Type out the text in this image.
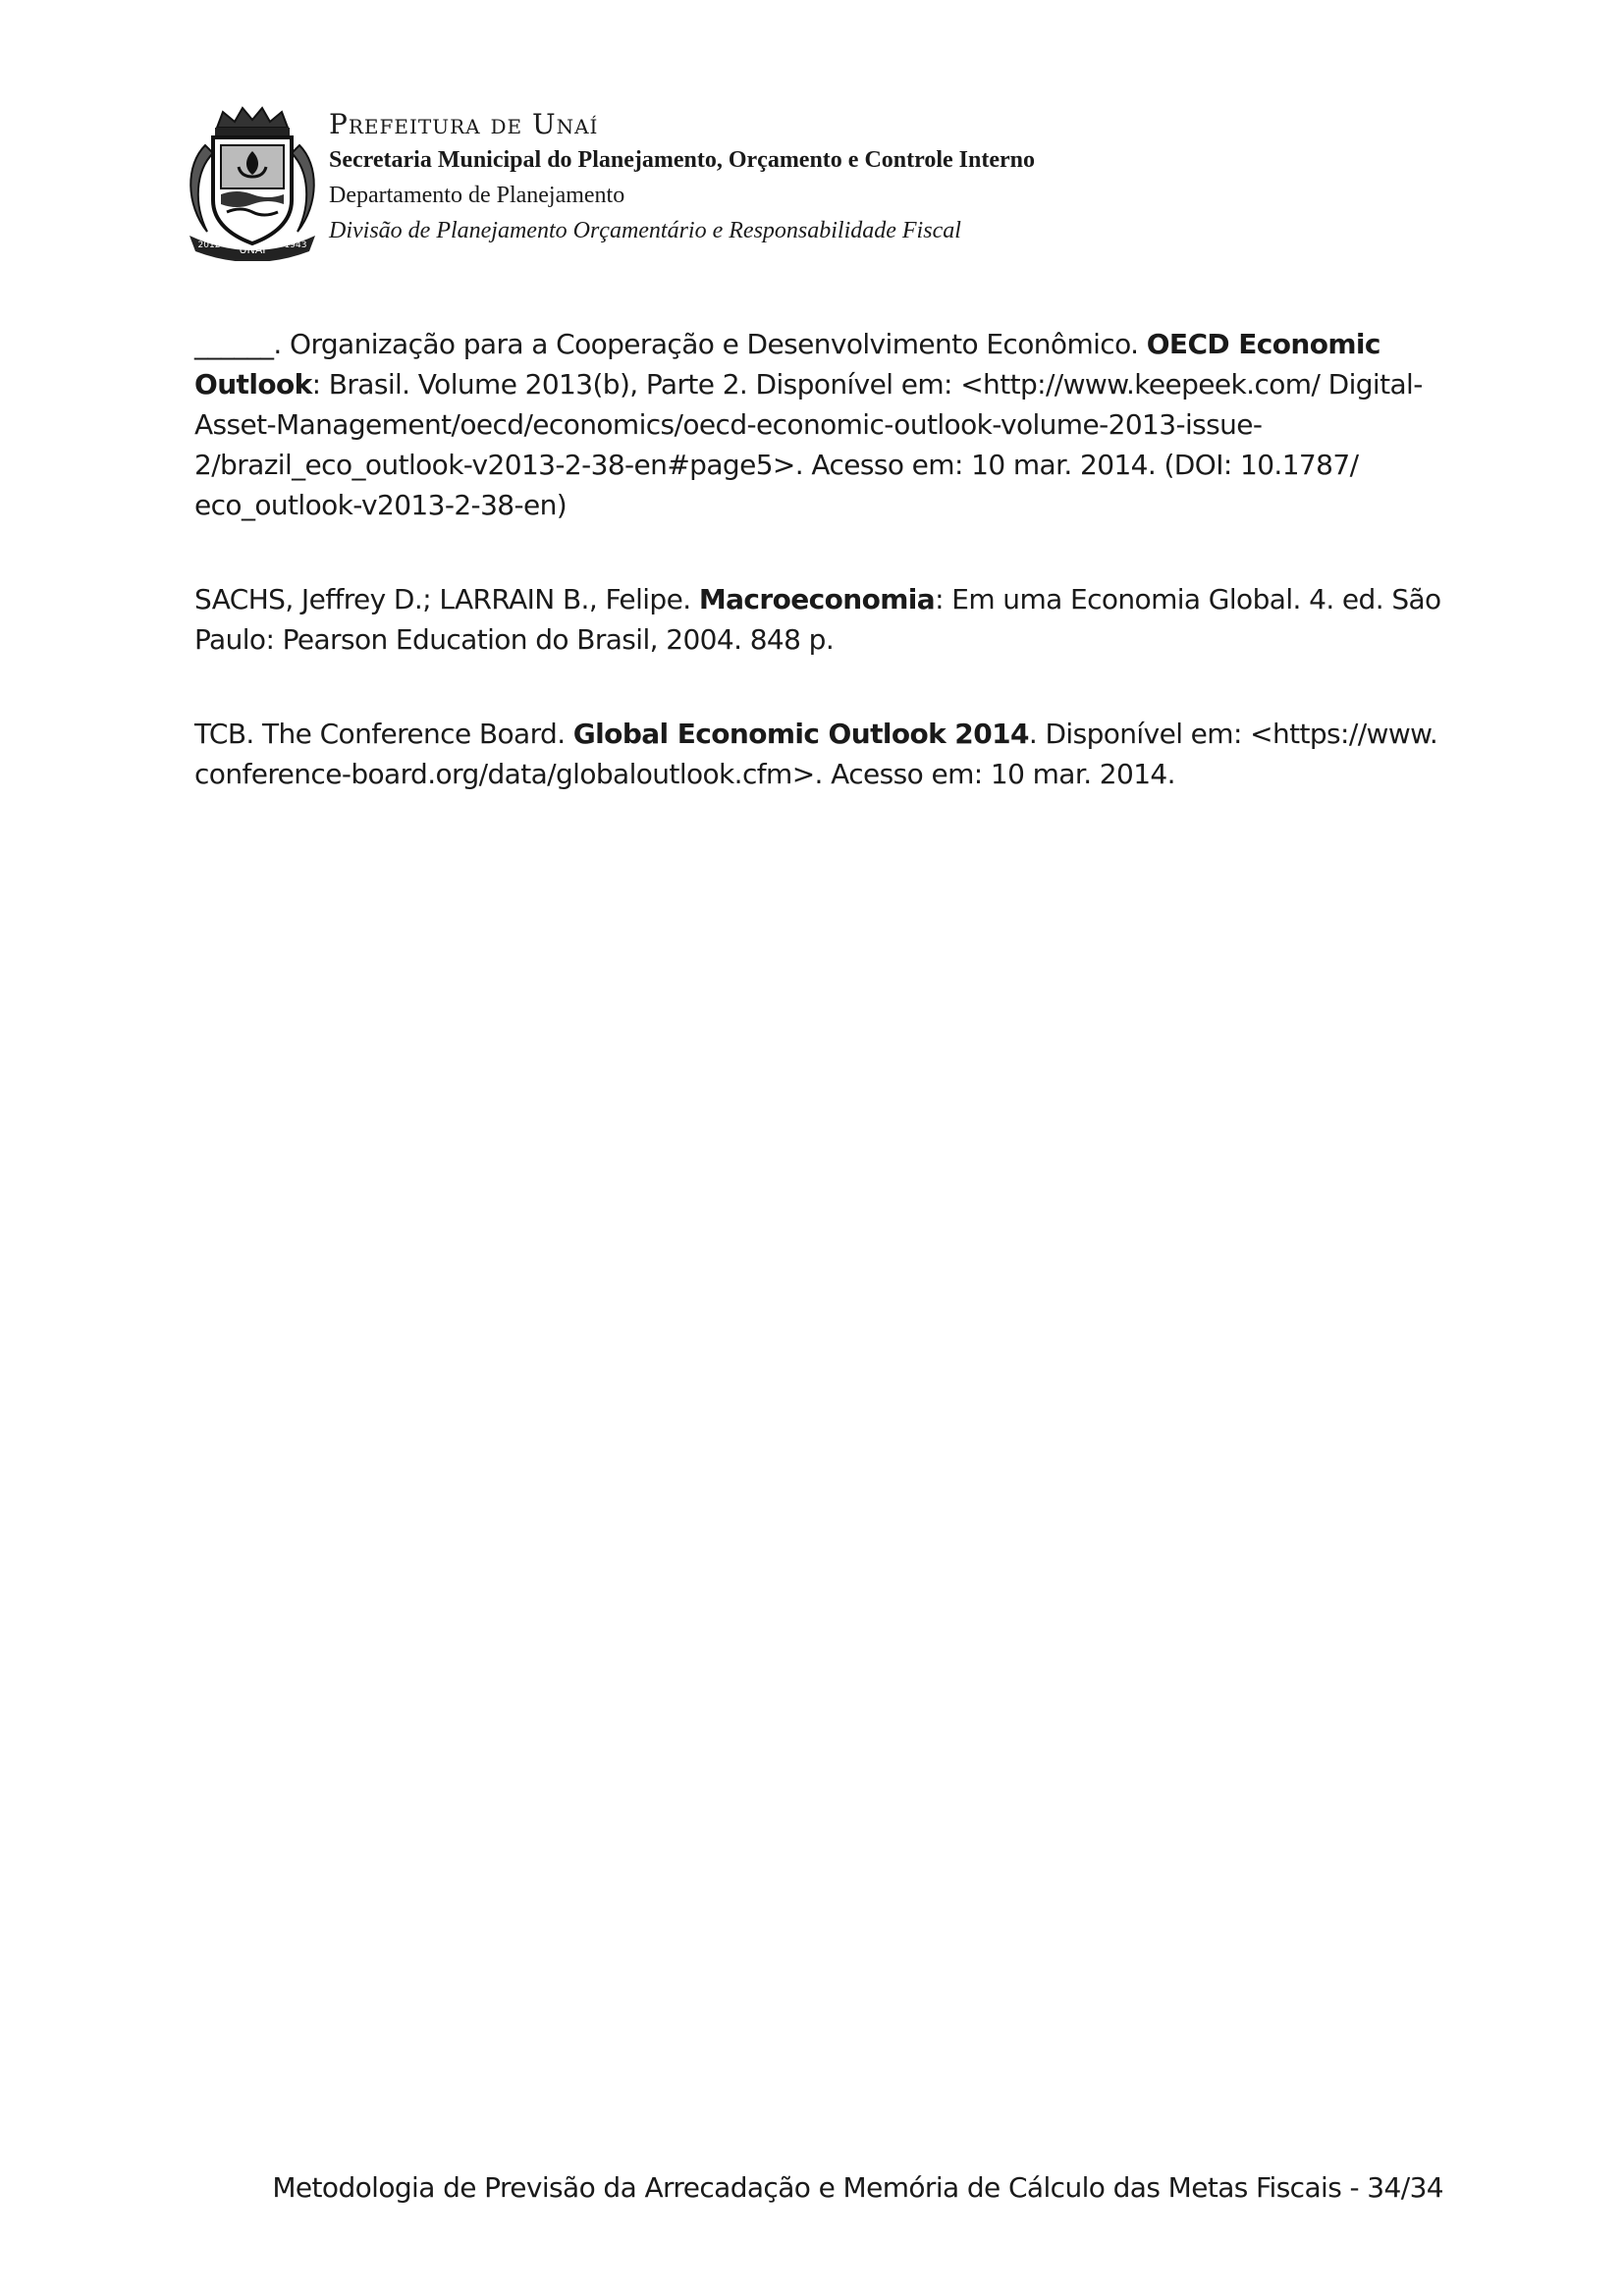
UNAÍ
2012	1943
Prefeitura de Unaí
Secretaria Municipal do Planejamento, Orçamento e Controle Interno
Departamento de Planejamento
Divisão de Planejamento Orçamentário e Responsabilidade Fiscal

______. Organização para a Cooperação e Desenvolvimento Econômico. OECD Economic Outlook: Brasil. Volume 2013(b), Parte 2. Disponível em: <http://www.keepeek.com/ Digital-Asset-Management/oecd/economics/oecd-economic-outlook-volume-2013-issue-2/brazil_eco_outlook-v2013-2-38-en#page5>. Acesso em: 10 mar. 2014. (DOI: 10.1787/ eco_outlook-v2013-2-38-en)

SACHS, Jeffrey D.; LARRAIN B., Felipe. Macroeconomia: Em uma Economia Global. 4. ed. São Paulo: Pearson Education do Brasil, 2004. 848 p.

TCB. The Conference Board. Global Economic Outlook 2014. Disponível em: <https://www. conference-board.org/data/globaloutlook.cfm>. Acesso em: 10 mar. 2014.

Metodologia de Previsão da Arrecadação e Memória de Cálculo das Metas Fiscais - 34/34
